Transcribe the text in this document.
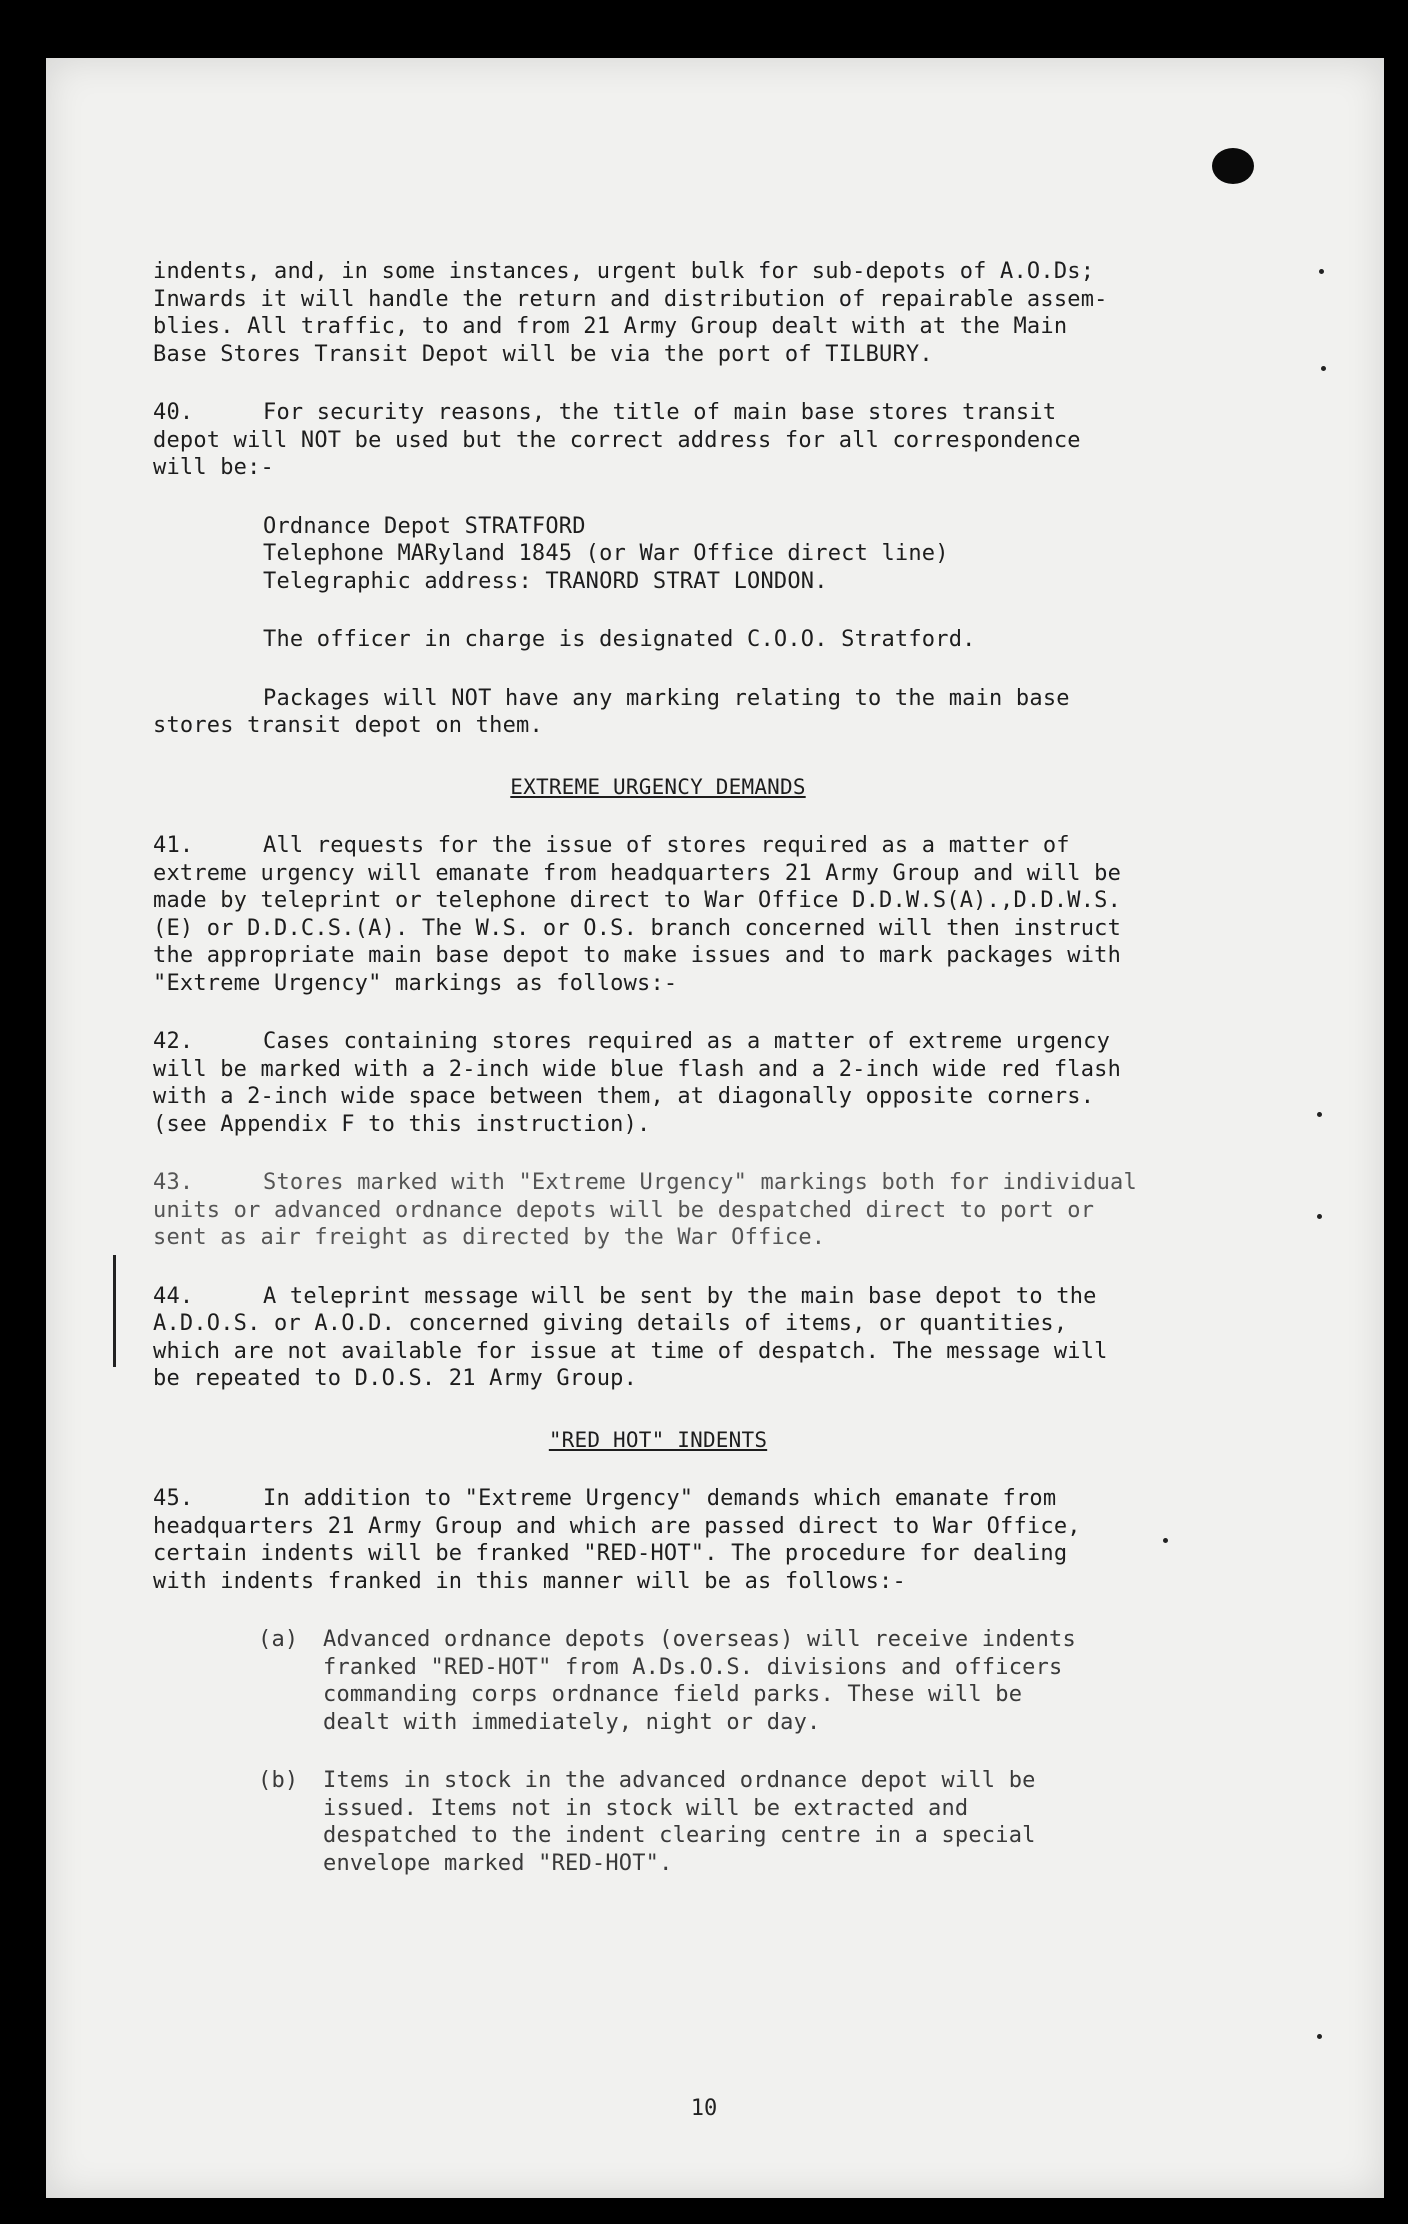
indents, and, in some instances, urgent bulk for sub-depots of A.O.Ds;

Inwards it will handle the return and distribution of repairable assem-

blies. All traffic, to and from 21 Army Group dealt with at the Main

Base Stores Transit Depot will be via the port of TILBURY.

40.	For security reasons, the title of main base stores transit

depot will NOT be used but the correct address for all correspondence

will be:-

Ordnance Depot STRATFORD
Telephone MARyland 1845 (or War Office direct line)
Telegraphic address: TRANORD STRAT LONDON.

The officer in charge is designated C.O.O. Stratford.

Packages will NOT have any marking relating to the main base

stores transit depot on them.

EXTREME URGENCY DEMANDS

41.	All requests for the issue of stores required as a matter of

extreme urgency will emanate from headquarters 21 Army Group and will be

made by teleprint or telephone direct to War Office D.D.W.S(A).,D.D.W.S.

(E) or D.D.C.S.(A). The W.S. or O.S. branch concerned will then instruct

the appropriate main base depot to make issues and to mark packages with

"Extreme Urgency" markings as follows:-

42.	Cases containing stores required as a matter of extreme urgency

will be marked with a 2-inch wide blue flash and a 2-inch wide red flash

with a 2-inch wide space between them, at diagonally opposite corners.

(see Appendix F to this instruction).

43.	Stores marked with "Extreme Urgency" markings both for individual

units or advanced ordnance depots will be despatched direct to port or

sent as air freight as directed by the War Office.

44.	A teleprint message will be sent by the main base depot to the

A.D.O.S. or A.O.D. concerned giving details of items, or quantities,

which are not available for issue at time of despatch. The message will

be repeated to D.O.S. 21 Army Group.

"RED HOT" INDENTS

45.	In addition to "Extreme Urgency" demands which emanate from

headquarters 21 Army Group and which are passed direct to War Office,

certain indents will be franked "RED-HOT". The procedure for dealing

with indents franked in this manner will be as follows:-

(a) Advanced ordnance depots (overseas) will receive indents

franked "RED-HOT" from A.Ds.O.S. divisions and officers

commanding corps ordnance field parks. These will be

dealt with immediately, night or day.

(b) Items in stock in the advanced ordnance depot will be

issued. Items not in stock will be extracted and

despatched to the indent clearing centre in a special

envelope marked "RED-HOT".

10
